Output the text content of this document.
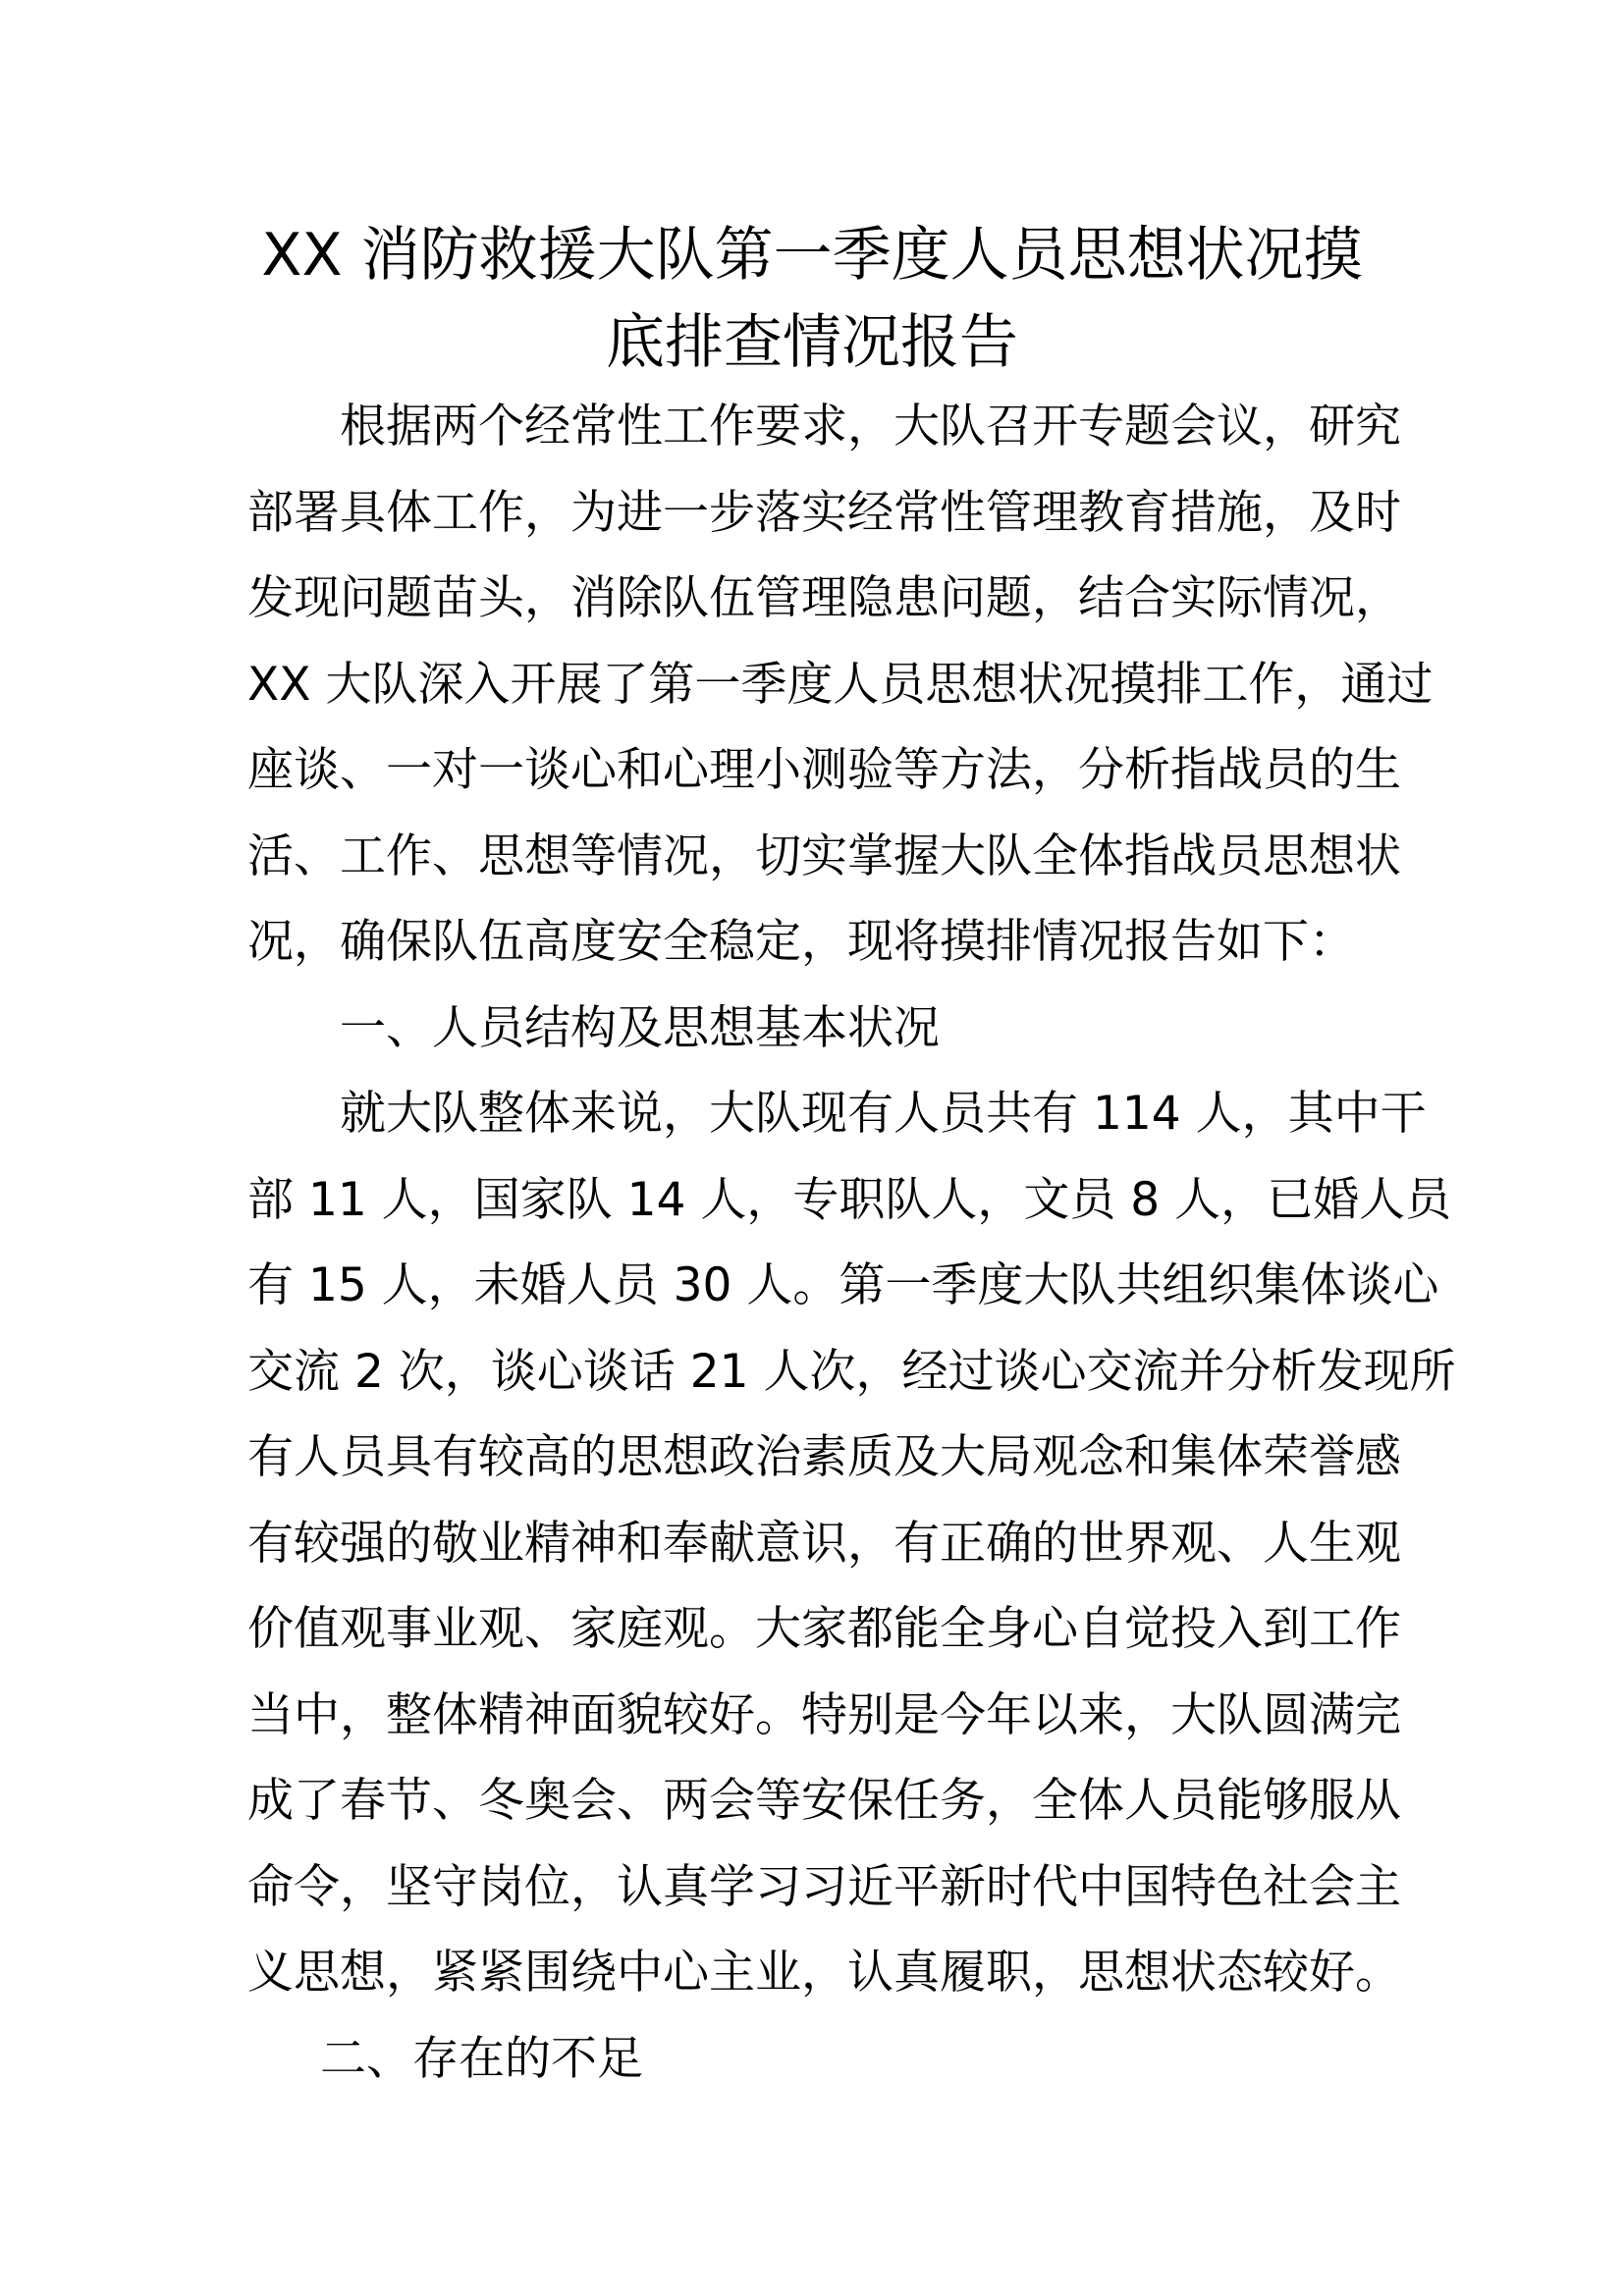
XX 消防救援大队第一季度人员思想状况摸
底排查情况报告
根据两个经常性工作要求，大队召开专题会议，研究
部署具体工作，为进一步落实经常性管理教育措施，及时
发现问题苗头，消除队伍管理隐患问题，结合实际情况，
XX 大队深入开展了第一季度人员思想状况摸排工作，通过
座谈、一对一谈心和心理小测验等方法，分析指战员的生
活、工作、思想等情况，切实掌握大队全体指战员思想状
况，确保队伍高度安全稳定，现将摸排情况报告如下：
一、人员结构及思想基本状况
就大队整体来说，大队现有人员共有 114 人，其中干
部 11 人，国家队 14 人，专职队人，文员 8 人，已婚人员
有 15 人，未婚人员 30 人。第一季度大队共组织集体谈心
交流 2 次，谈心谈话 21 人次，经过谈心交流并分析发现所
有人员具有较高的思想政治素质及大局观念和集体荣誉感
有较强的敬业精神和奉献意识，有正确的世界观、人生观
价值观事业观、家庭观。大家都能全身心自觉投入到工作
当中，整体精神面貌较好。特别是今年以来，大队圆满完
成了春节、冬奥会、两会等安保任务，全体人员能够服从
命令，坚守岗位，认真学习习近平新时代中国特色社会主
义思想，紧紧围绕中心主业，认真履职，思想状态较好。
二、存在的不足
